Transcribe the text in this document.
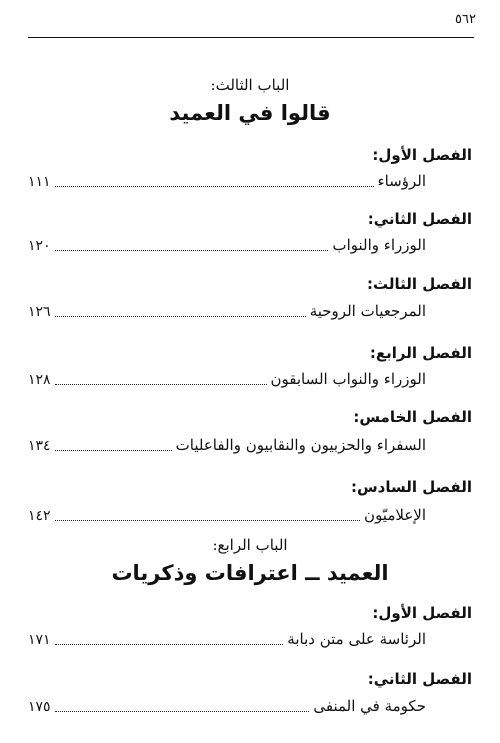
٥٦٢
الباب الثالث:
قالوا في العميد
الفصل الأول:
الرؤساء
١١١
الفصل الثاني:
الوزراء والنواب
١٢٠
الفصل الثالث:
المرجعيات الروحية
١٢٦
الفصل الرابع:
الوزراء والنواب السابقون
١٢٨
الفصل الخامس:
السفراء والحزبيون والنقابيون والفاعليات
١٣٤
الفصل السادس:
الإعلاميّون
١٤٢
الباب الرابع:
العميد ــ اعترافات وذكريات
الفصل الأول:
الرئاسة على متن دبابة
١٧١
الفصل الثاني:
حكومة في المنفى
١٧٥
